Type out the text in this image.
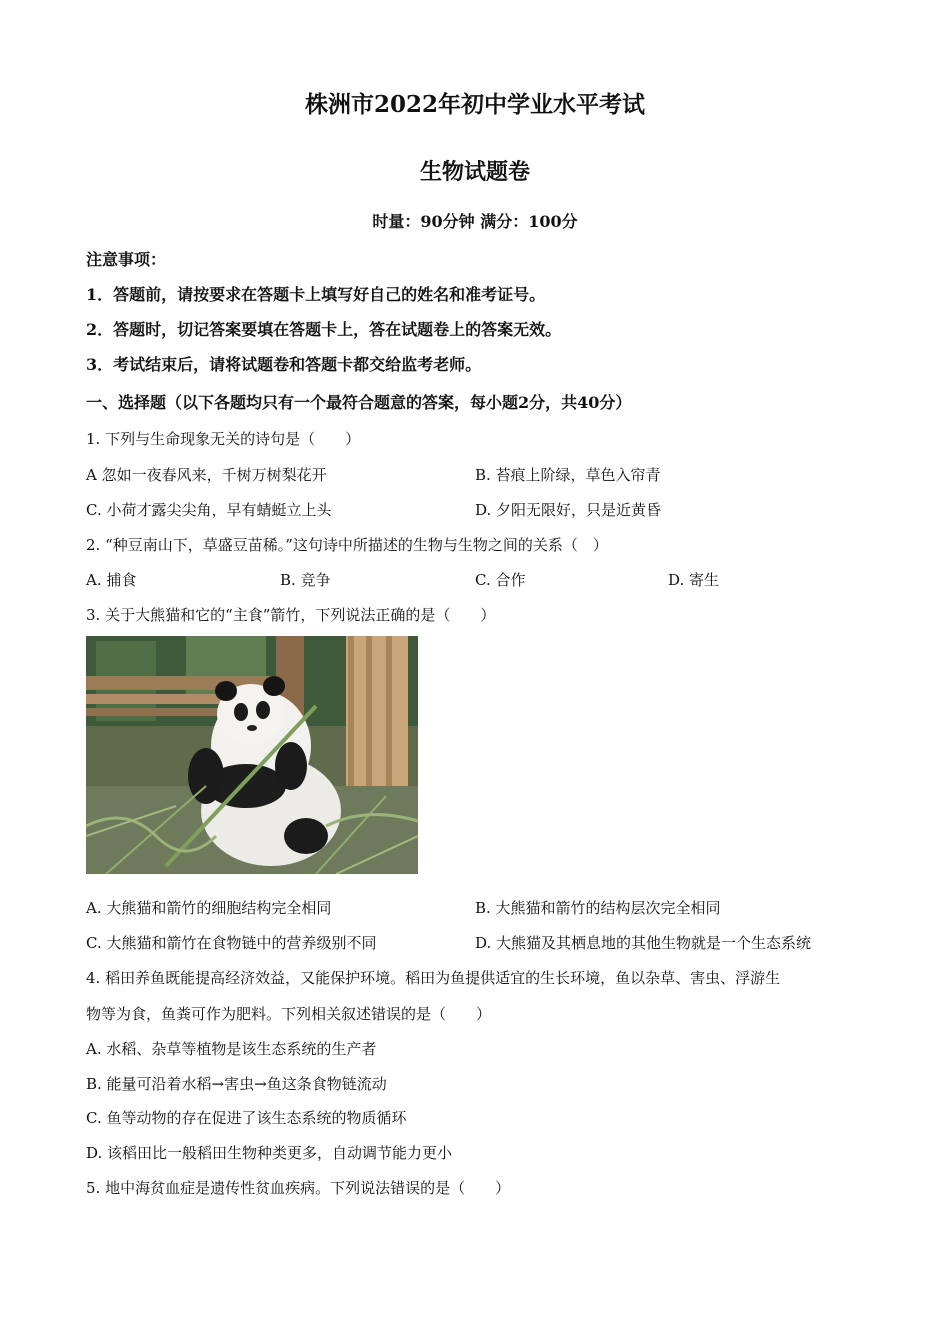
株洲市2022年初中学业水平考试
生物试题卷
时量：90分钟 满分：100分
注意事项：
1．答题前，请按要求在答题卡上填写好自己的姓名和准考证号。
2．答题时，切记答案要填在答题卡上，答在试题卷上的答案无效。
3．考试结束后，请将试题卷和答题卡都交给监考老师。
一、选择题（以下各题均只有一个最符合题意的答案，每小题2分，共40分）
1. 下列与生命现象无关的诗句是（　　）
A 忽如一夜春风来，千树万树梨花开	B. 苔痕上阶绿，草色入帘青
C. 小荷才露尖尖角，早有蜻蜓立上头	D. 夕阳无限好，只是近黄昏
2. “种豆南山下，草盛豆苗稀。”这句诗中所描述的生物与生物之间的关系（　）
A. 捕食	B. 竞争	C. 合作	D. 寄生
3. 关于大熊猫和它的“主食”箭竹，下列说法正确的是（　　）
A. 大熊猫和箭竹的细胞结构完全相同	B. 大熊猫和箭竹的结构层次完全相同
C. 大熊猫和箭竹在食物链中的营养级别不同	D. 大熊猫及其栖息地的其他生物就是一个生态系统
4. 稻田养鱼既能提高经济效益，又能保护环境。稻田为鱼提供适宜的生长环境，鱼以杂草、害虫、浮游生
物等为食，鱼粪可作为肥料。下列相关叙述错误的是（　　）
A. 水稻、杂草等植物是该生态系统的生产者
B. 能量可沿着水稻→害虫→鱼这条食物链流动
C. 鱼等动物的存在促进了该生态系统的物质循环
D. 该稻田比一般稻田生物种类更多，自动调节能力更小
5. 地中海贫血症是遗传性贫血疾病。下列说法错误的是（　　）
